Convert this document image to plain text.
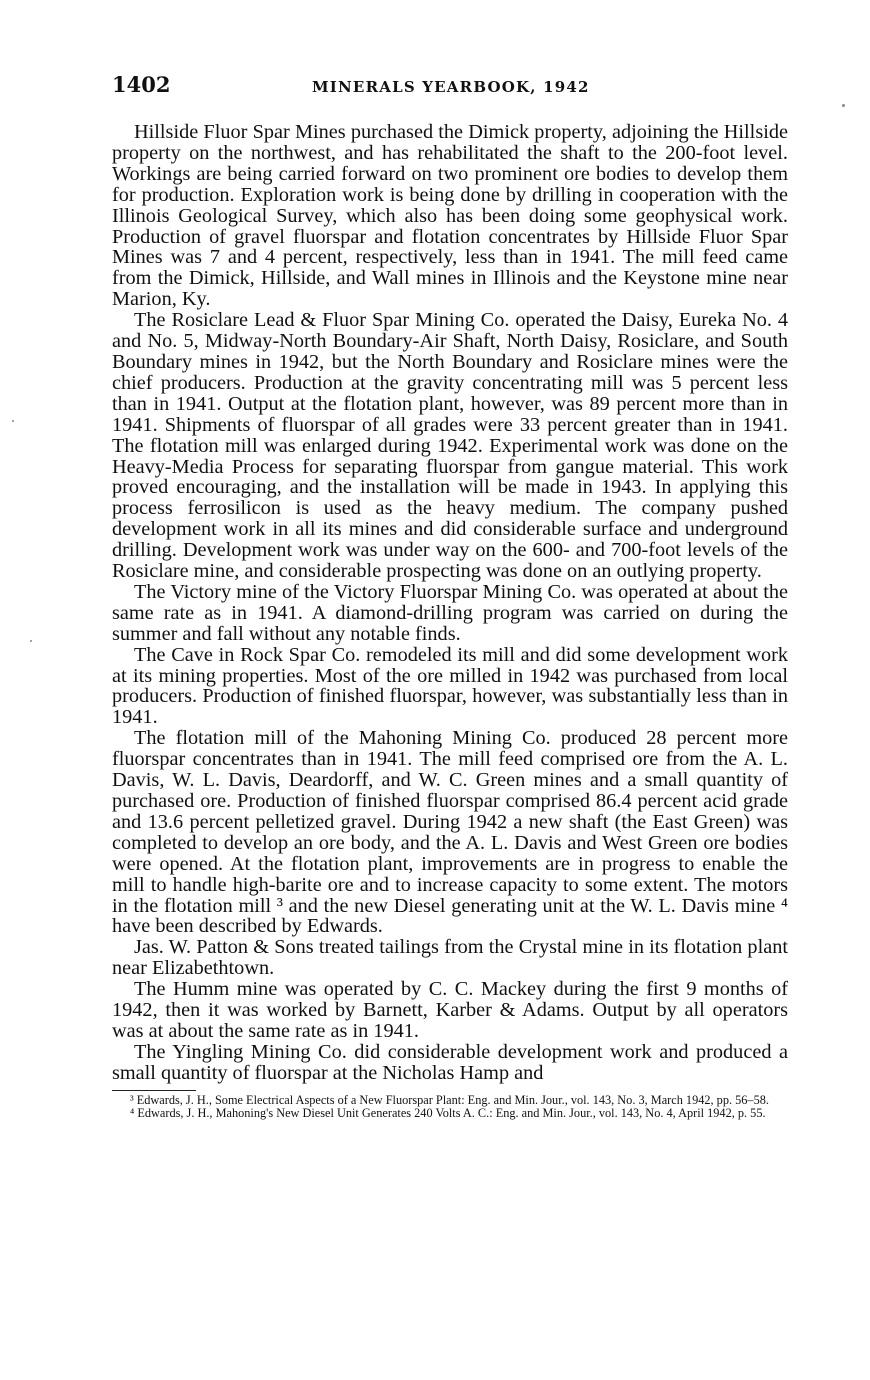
1402	MINERALS YEARBOOK, 1942

Hillside Fluor Spar Mines purchased the Dimick property, adjoining the Hillside property on the northwest, and has rehabilitated the shaft to the 200-foot level. Workings are being carried forward on two prominent ore bodies to develop them for production. Exploration work is being done by drilling in cooperation with the Illinois Geological Survey, which also has been doing some geophysical work. Production of gravel fluorspar and flotation concentrates by Hillside Fluor Spar Mines was 7 and 4 percent, respectively, less than in 1941. The mill feed came from the Dimick, Hillside, and Wall mines in Illinois and the Keystone mine near Marion, Ky.

The Rosiclare Lead & Fluor Spar Mining Co. operated the Daisy, Eureka No. 4 and No. 5, Midway-North Boundary-Air Shaft, North Daisy, Rosiclare, and South Boundary mines in 1942, but the North Boundary and Rosiclare mines were the chief producers. Production at the gravity concentrating mill was 5 percent less than in 1941. Output at the flotation plant, however, was 89 percent more than in 1941. Shipments of fluorspar of all grades were 33 percent greater than in 1941. The flotation mill was enlarged during 1942. Experimental work was done on the Heavy-Media Process for separating fluorspar from gangue material. This work proved encouraging, and the installation will be made in 1943. In applying this process ferrosilicon is used as the heavy medium. The company pushed development work in all its mines and did considerable surface and underground drilling. Development work was under way on the 600- and 700-foot levels of the Rosiclare mine, and considerable prospecting was done on an outlying property.

The Victory mine of the Victory Fluorspar Mining Co. was operated at about the same rate as in 1941. A diamond-drilling program was carried on during the summer and fall without any notable finds.

The Cave in Rock Spar Co. remodeled its mill and did some development work at its mining properties. Most of the ore milled in 1942 was purchased from local producers. Production of finished fluorspar, however, was substantially less than in 1941.

The flotation mill of the Mahoning Mining Co. produced 28 percent more fluorspar concentrates than in 1941. The mill feed comprised ore from the A. L. Davis, W. L. Davis, Deardorff, and W. C. Green mines and a small quantity of purchased ore. Production of finished fluorspar comprised 86.4 percent acid grade and 13.6 percent pelletized gravel. During 1942 a new shaft (the East Green) was completed to develop an ore body, and the A. L. Davis and West Green ore bodies were opened. At the flotation plant, improvements are in progress to enable the mill to handle high-barite ore and to increase capacity to some extent. The motors in the flotation mill ³ and the new Diesel generating unit at the W. L. Davis mine ⁴ have been described by Edwards.

Jas. W. Patton & Sons treated tailings from the Crystal mine in its flotation plant near Elizabethtown.

The Humm mine was operated by C. C. Mackey during the first 9 months of 1942, then it was worked by Barnett, Karber & Adams. Output by all operators was at about the same rate as in 1941.

The Yingling Mining Co. did considerable development work and produced a small quantity of fluorspar at the Nicholas Hamp and

³ Edwards, J. H., Some Electrical Aspects of a New Fluorspar Plant: Eng. and Min. Jour., vol. 143, No. 3, March 1942, pp. 56–58.

⁴ Edwards, J. H., Mahoning's New Diesel Unit Generates 240 Volts A. C.: Eng. and Min. Jour., vol. 143, No. 4, April 1942, p. 55.
